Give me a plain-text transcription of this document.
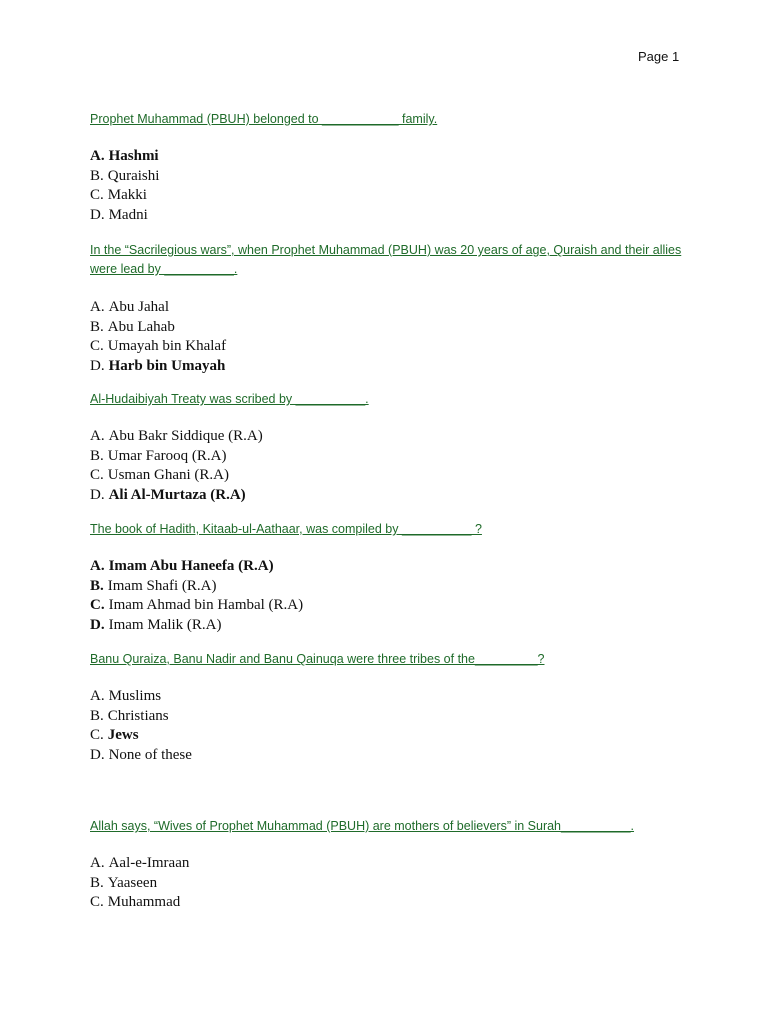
Page 1

Prophet Muhammad (PBUH) belonged to ___________ family.

A. Hashmi
B. Quraishi
C. Makki
D. Madni

In the “Sacrilegious wars”, when Prophet Muhammad (PBUH) was 20 years of age, Quraish and their allies were lead by __________.

A. Abu Jahal
B. Abu Lahab
C. Umayah bin Khalaf
D. Harb bin Umayah

Al-Hudaibiyah Treaty was scribed by __________.

A. Abu Bakr Siddique (R.A)
B. Umar Farooq (R.A)
C. Usman Ghani (R.A)
D. Ali Al-Murtaza (R.A)

The book of Hadith, Kitaab-ul-Aathaar, was compiled by __________ ?

A. Imam Abu Haneefa (R.A)
B. Imam Shafi (R.A)
C. Imam Ahmad bin Hambal (R.A)
D. Imam Malik (R.A)

Banu Quraiza, Banu Nadir and Banu Qainuqa were three tribes of the_________?

A. Muslims
B. Christians
C. Jews
D. None of these

Allah says, “Wives of Prophet Muhammad (PBUH) are mothers of believers” in Surah__________.

A. Aal-e-Imraan
B. Yaaseen
C. Muhammad
